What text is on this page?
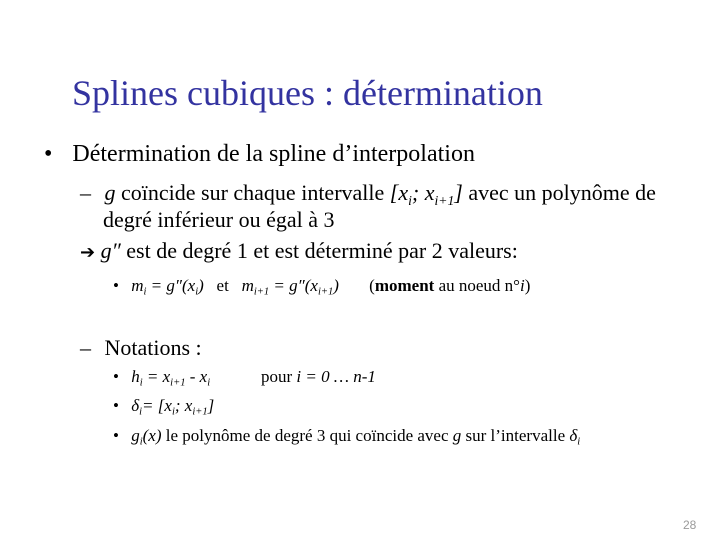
Splines cubiques : détermination
• Détermination de la spline d’interpolation
– g coïncide sur chaque intervalle [$x_i$; $x_{i+1}$] avec un polynôme de
degré inférieur ou égal à 3
➔ g″ est de degré 1 et est déterminé par 2 valeurs:
• $m_i = g''(x_i)$   et   $m_{i+1} = g''(x_{i+1})$ (moment au noeud n°i)
– Notations :
• $h_i = x_{i+1} - x_i$	pour i = 0 … n-1
• $\delta_i= [x_i$; $x_{i+1}$]
• $g_i(x)$ le polynôme de degré 3 qui coïncide avec g sur l’intervalle $\delta_i$
28
